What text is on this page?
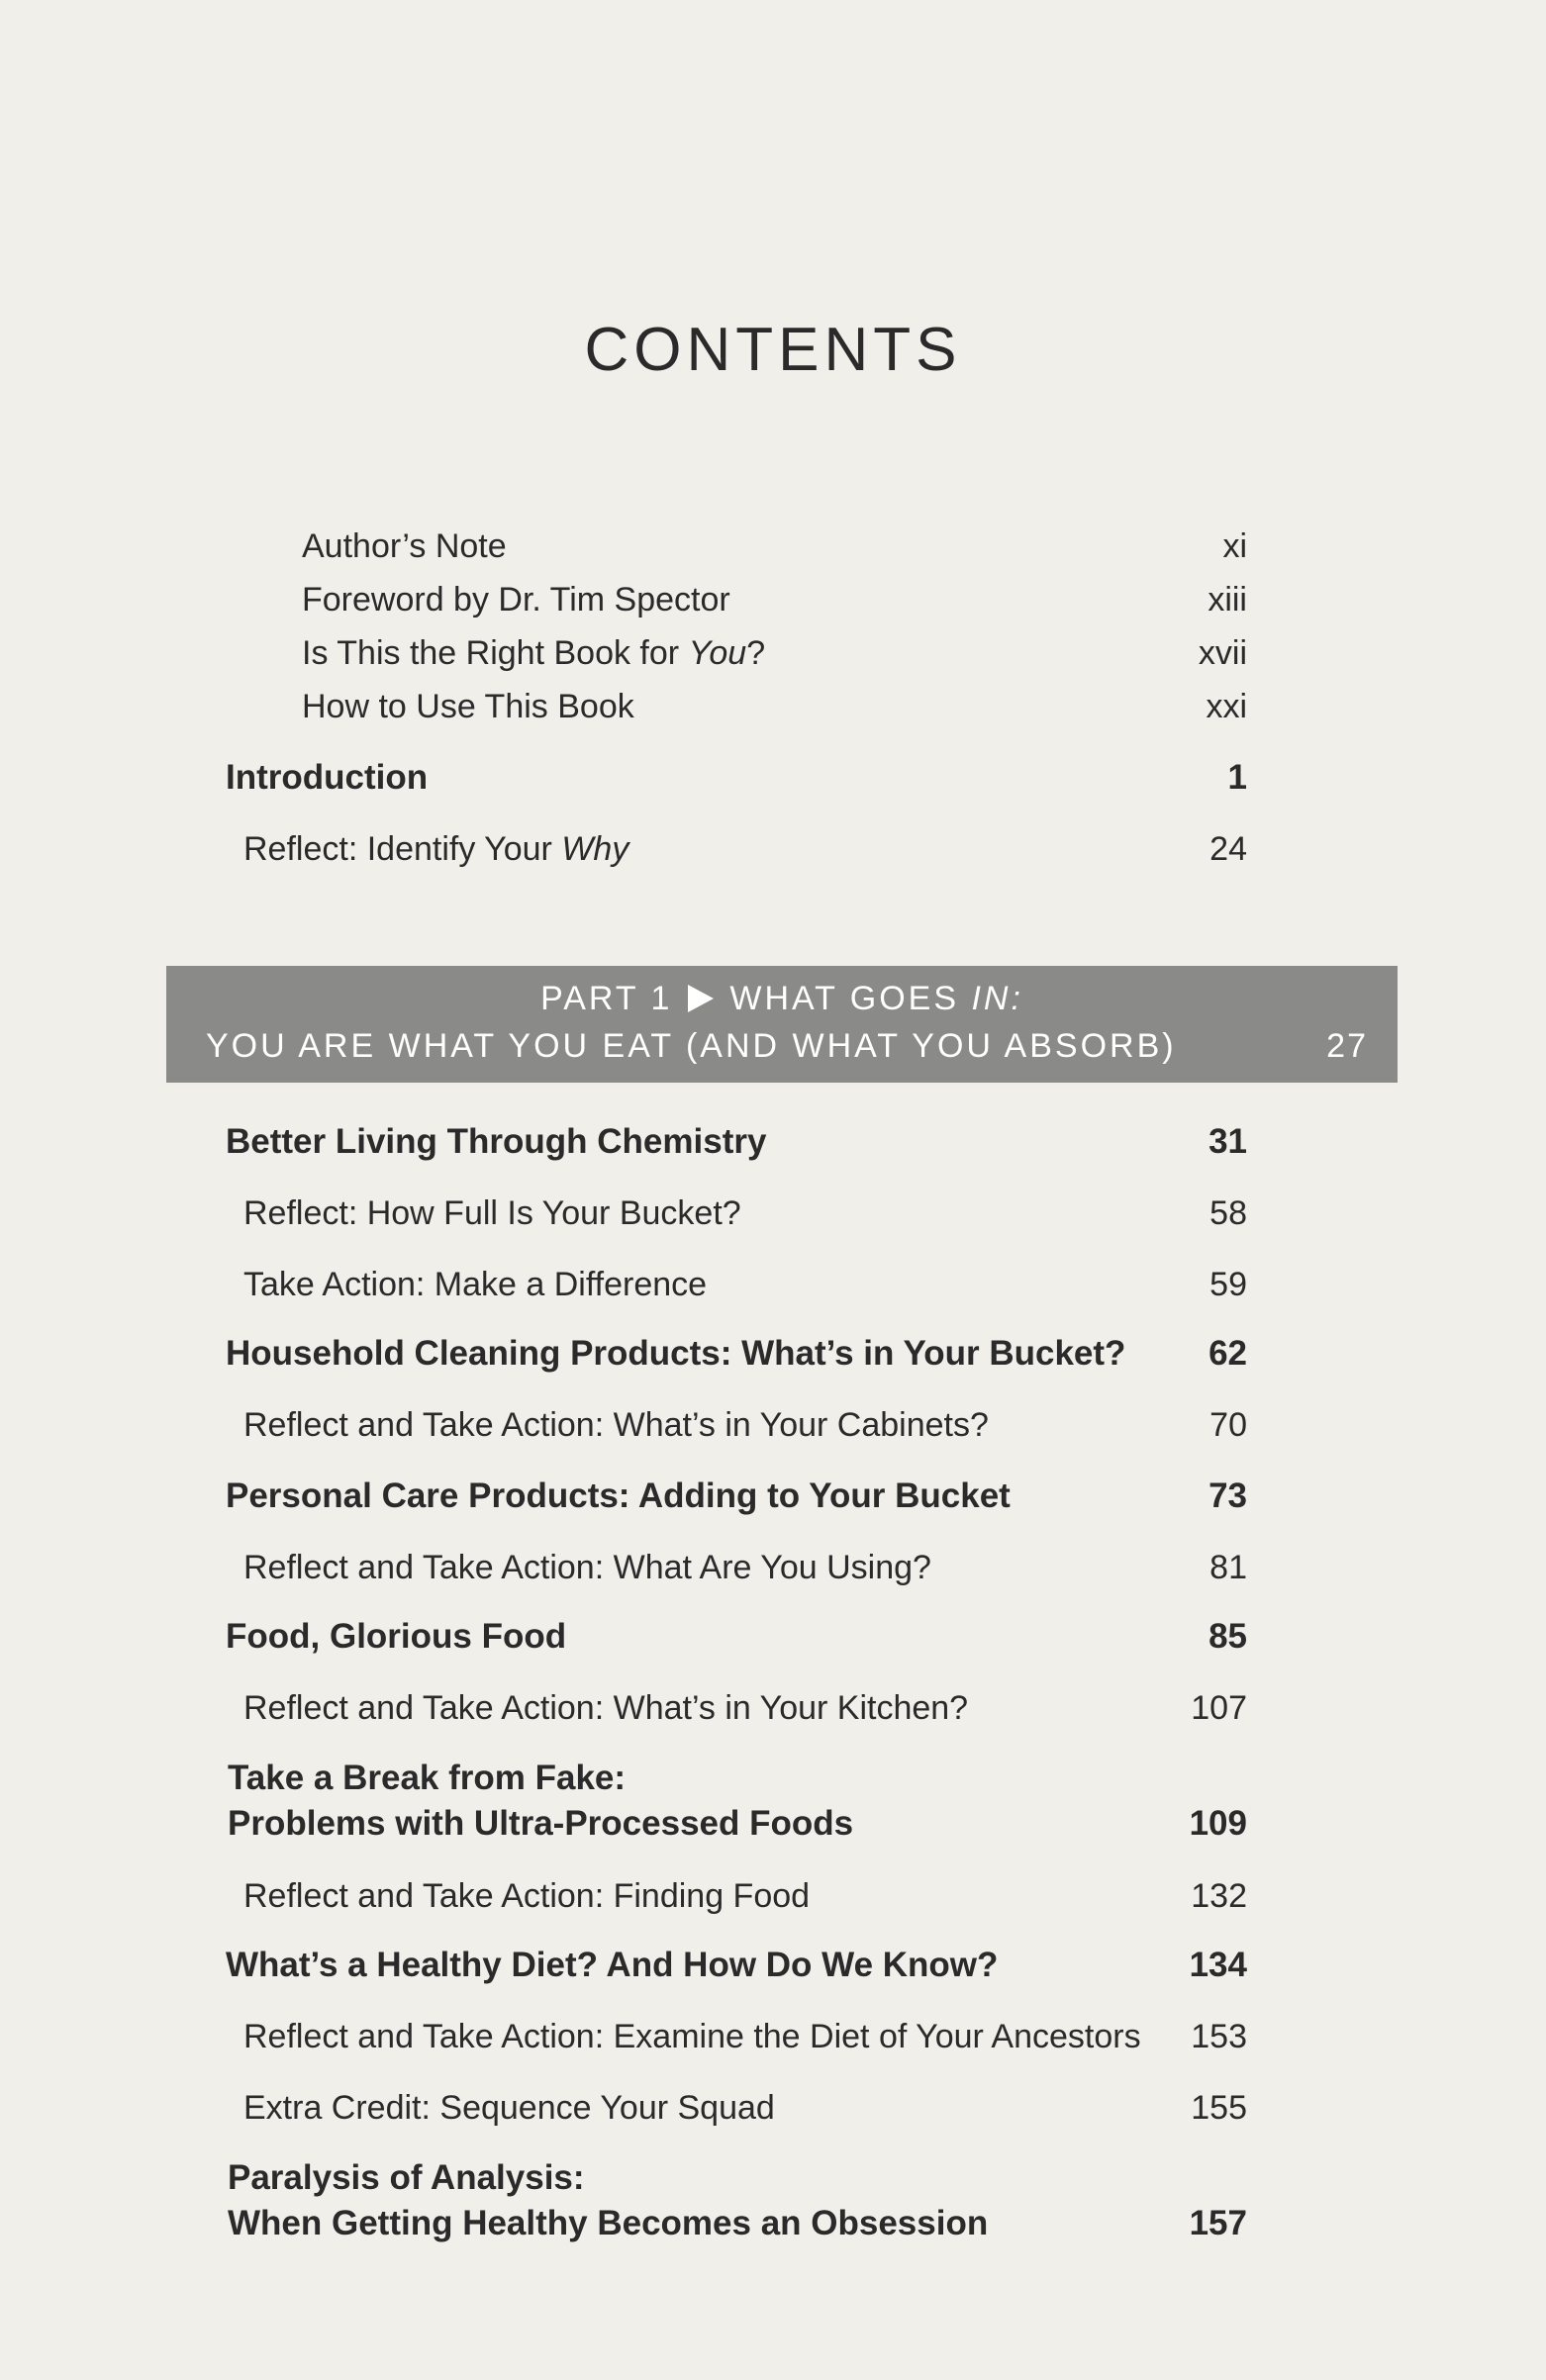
CONTENTS
Author’s Note	xi
Foreword by Dr. Tim Spector	xiii
Is This the Right Book for You?	xvii
How to Use This Book	xxi
Introduction	1
Reflect: Identify Your Why	24
PART 1 WHAT GOES IN:
YOU ARE WHAT YOU EAT (AND WHAT YOU ABSORB)	27
Better Living Through Chemistry	31
Reflect: How Full Is Your Bucket?	58
Take Action: Make a Difference	59
Household Cleaning Products: What’s in Your Bucket? 62
Reflect and Take Action: What’s in Your Cabinets?	70
Personal Care Products: Adding to Your Bucket	73
Reflect and Take Action: What Are You Using?	81
Food, Glorious Food	85
Reflect and Take Action: What’s in Your Kitchen?	107
Take a Break from Fake:
Problems with Ultra-Processed Foods	109
Reflect and Take Action: Finding Food	132
What’s a Healthy Diet? And How Do We Know?	134
Reflect and Take Action: Examine the Diet of Your Ancestors 153
Extra Credit: Sequence Your Squad	155
Paralysis of Analysis:
When Getting Healthy Becomes an Obsession	157
